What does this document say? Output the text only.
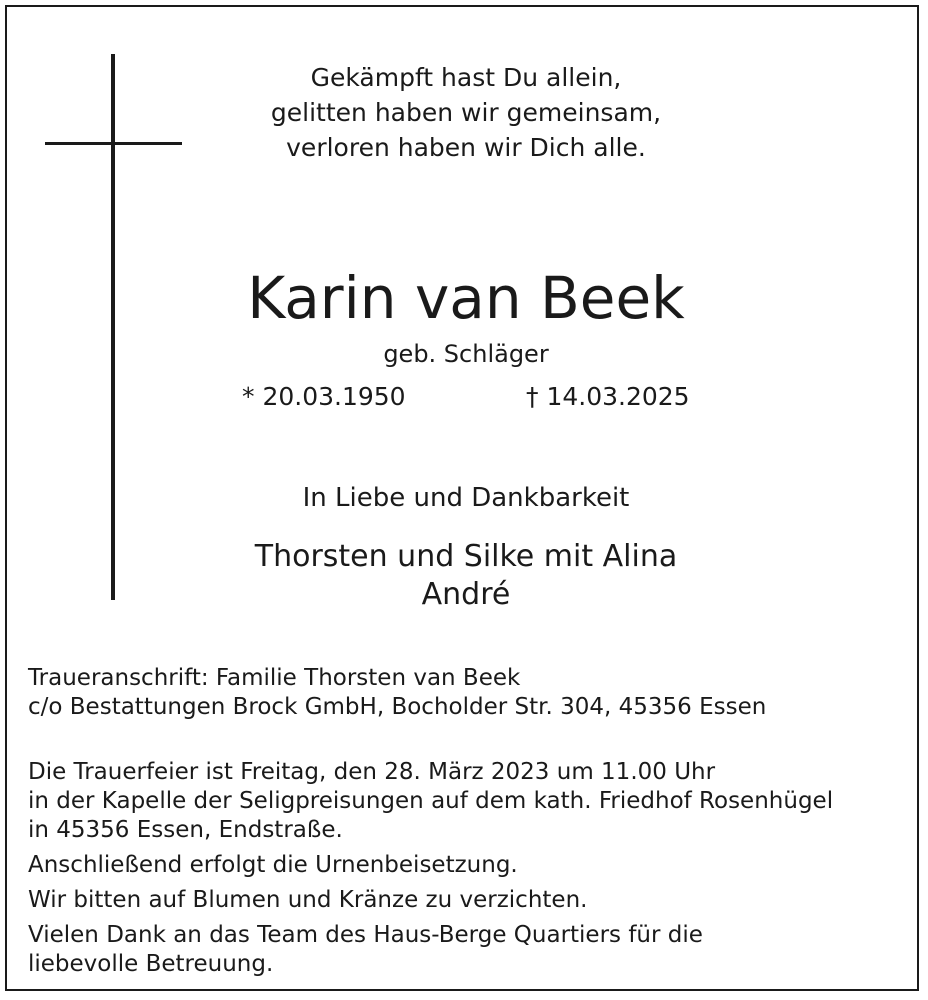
Gekämpft hast Du allein,
gelitten haben wir gemeinsam,
verloren haben wir Dich alle.
Karin van Beek
geb. Schläger
* 20.03.1950	† 14.03.2025
In Liebe und Dankbarkeit
Thorsten und Silke mit Alina
André
Traueranschrift: Familie Thorsten van Beek
c/o Bestattungen Brock GmbH, Bocholder Str. 304, 45356 Essen
Die Trauerfeier ist Freitag, den 28. März 2023 um 11.00 Uhr
in der Kapelle der Seligpreisungen auf dem kath. Friedhof Rosenhügel
in 45356 Essen, Endstraße.
Anschließend erfolgt die Urnenbeisetzung.
Wir bitten auf Blumen und Kränze zu verzichten.
Vielen Dank an das Team des Haus-Berge Quartiers für die
liebevolle Betreuung.
